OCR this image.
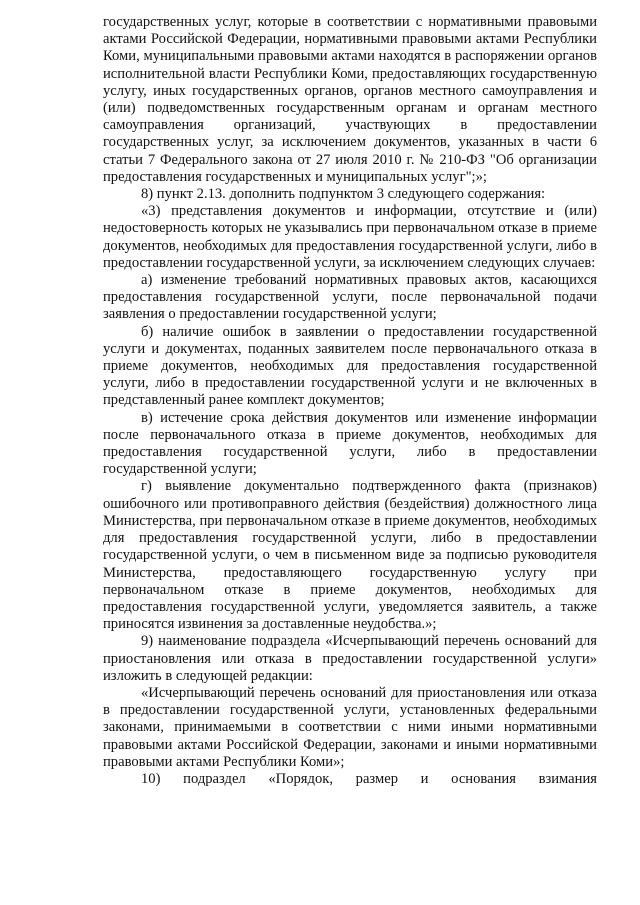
государственных услуг, которые в соответствии с нормативными правовыми актами Российской Федерации, нормативными правовыми актами Республики Коми, муниципальными правовыми актами находятся в распоряжении органов исполнительной власти Республики Коми, предоставляющих государственную услугу, иных государственных органов, органов местного самоуправления и (или) подведомственных государственным органам и органам местного самоуправления организаций, участвующих в предоставлении государственных услуг, за исключением документов, указанных в части 6 статьи 7 Федерального закона от 27 июля 2010 г. № 210-ФЗ "Об организации предоставления государственных и муниципальных услуг";»;

8) пункт 2.13. дополнить подпунктом 3 следующего содержания:

«3) представления документов и информации, отсутствие и (или) недостоверность которых не указывались при первоначальном отказе в приеме документов, необходимых для предоставления государственной услуги, либо в предоставлении государственной услуги, за исключением следующих случаев:

а) изменение требований нормативных правовых актов, касающихся предоставления государственной услуги, после первоначальной подачи заявления о предоставлении государственной услуги;

б) наличие ошибок в заявлении о предоставлении государственной услуги и документах, поданных заявителем после первоначального отказа в приеме документов, необходимых для предоставления государственной услуги, либо в предоставлении государственной услуги и не включенных в представленный ранее комплект документов;

в) истечение срока действия документов или изменение информации после первоначального отказа в приеме документов, необходимых для предоставления государственной услуги, либо в предоставлении государственной услуги;

г) выявление документально подтвержденного факта (признаков) ошибочного или противоправного действия (бездействия) должностного лица Министерства, при первоначальном отказе в приеме документов, необходимых для предоставления государственной услуги, либо в предоставлении государственной услуги, о чем в письменном виде за подписью руководителя Министерства, предоставляющего государственную услугу при первоначальном отказе в приеме документов, необходимых для предоставления государственной услуги, уведомляется заявитель, а также приносятся извинения за доставленные неудобства.»;

9) наименование подраздела «Исчерпывающий перечень оснований для приостановления или отказа в предоставлении государственной услуги» изложить в следующей редакции:

«Исчерпывающий перечень оснований для приостановления или отказа в предоставлении государственной услуги, установленных федеральными законами, принимаемыми в соответствии с ними иными нормативными правовыми актами Российской Федерации, законами и иными нормативными правовыми актами Республики Коми»;

10) подраздел «Порядок, размер и основания взимания
